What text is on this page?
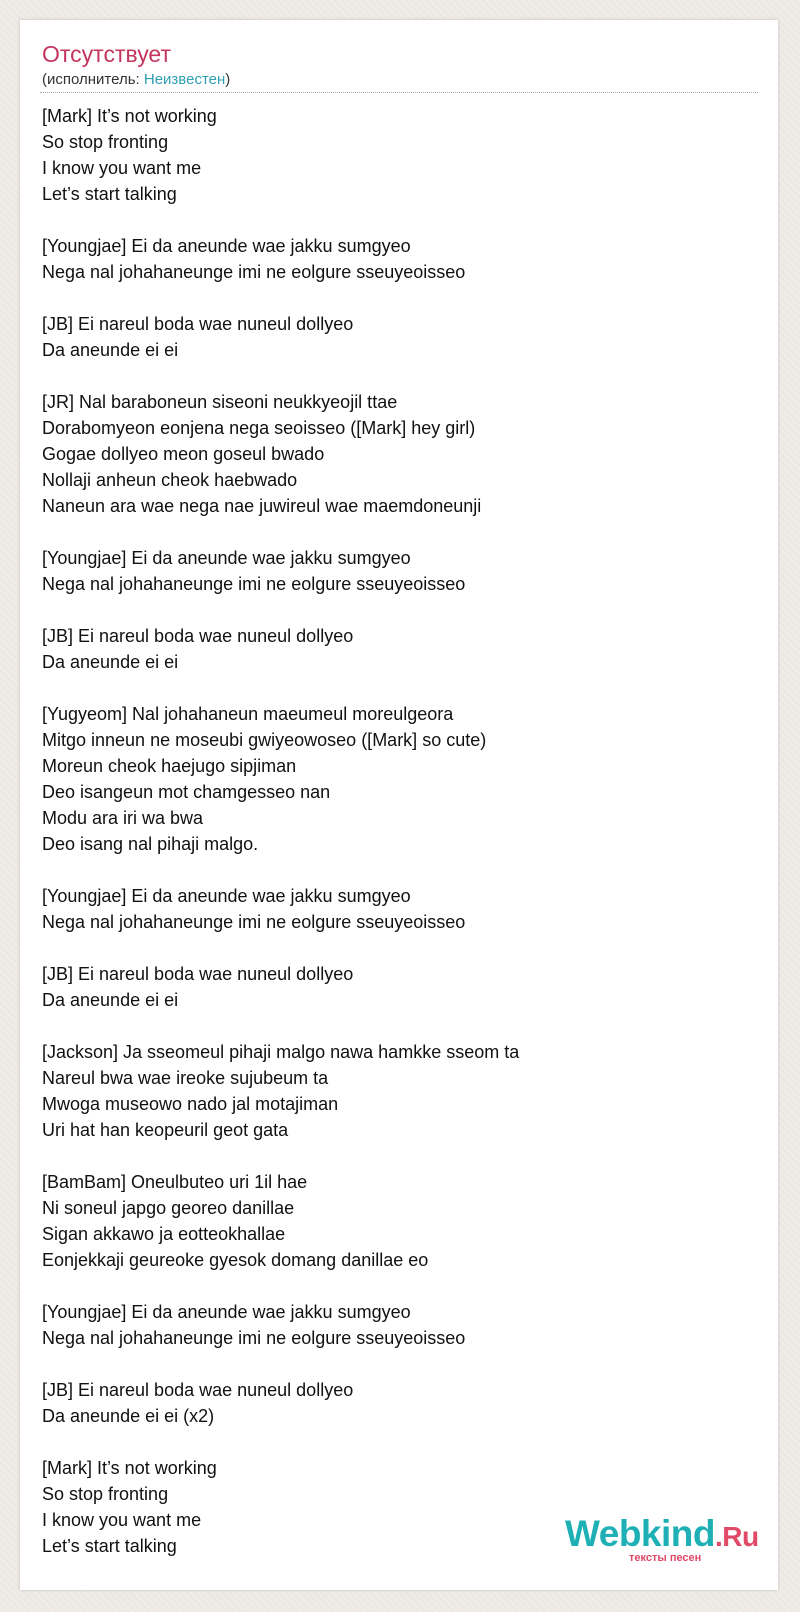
Отсутствует
(исполнитель: Неизвестен)
[Mark] It’s not working
So stop fronting
I know you want me
Let’s start talking
[Youngjae] Ei da aneunde wae jakku sumgyeo
Nega nal johahaneunge imi ne eolgure sseuyeoisseo
[JB] Ei nareul boda wae nuneul dollyeo
Da aneunde ei ei
[JR] Nal baraboneun siseoni neukkyeojil ttae
Dorabomyeon eonjena nega seoisseo ([Mark] hey girl)
Gogae dollyeo meon goseul bwado
Nollaji anheun cheok haebwado
Naneun ara wae nega nae juwireul wae maemdoneunji
[Youngjae] Ei da aneunde wae jakku sumgyeo
Nega nal johahaneunge imi ne eolgure sseuyeoisseo
[JB] Ei nareul boda wae nuneul dollyeo
Da aneunde ei ei
[Yugyeom] Nal johahaneun maeumeul moreulgeora
Mitgo inneun ne moseubi gwiyeowoseo ([Mark] so cute)
Moreun cheok haejugo sipjiman
Deo isangeun mot chamgesseo nan
Modu ara iri wa bwa
Deo isang nal pihaji malgo.
[Youngjae] Ei da aneunde wae jakku sumgyeo
Nega nal johahaneunge imi ne eolgure sseuyeoisseo
[JB] Ei nareul boda wae nuneul dollyeo
Da aneunde ei ei
[Jackson] Ja sseomeul pihaji malgo nawa hamkke sseom ta
Nareul bwa wae ireoke sujubeum ta
Mwoga museowo nado jal motajiman
Uri hat han keopeuril geot gata
[BamBam] Oneulbuteo uri 1il hae
Ni soneul japgo georeo danillae
Sigan akkawo ja eotteokhallae
Eonjekkaji geureoke gyesok domang danillae eo
[Youngjae] Ei da aneunde wae jakku sumgyeo
Nega nal johahaneunge imi ne eolgure sseuyeoisseo
[JB] Ei nareul boda wae nuneul dollyeo
Da aneunde ei ei (x2)
[Mark] It’s not working
So stop fronting
I know you want me
Let’s start talking	Webkind.Ru
тексты песен
